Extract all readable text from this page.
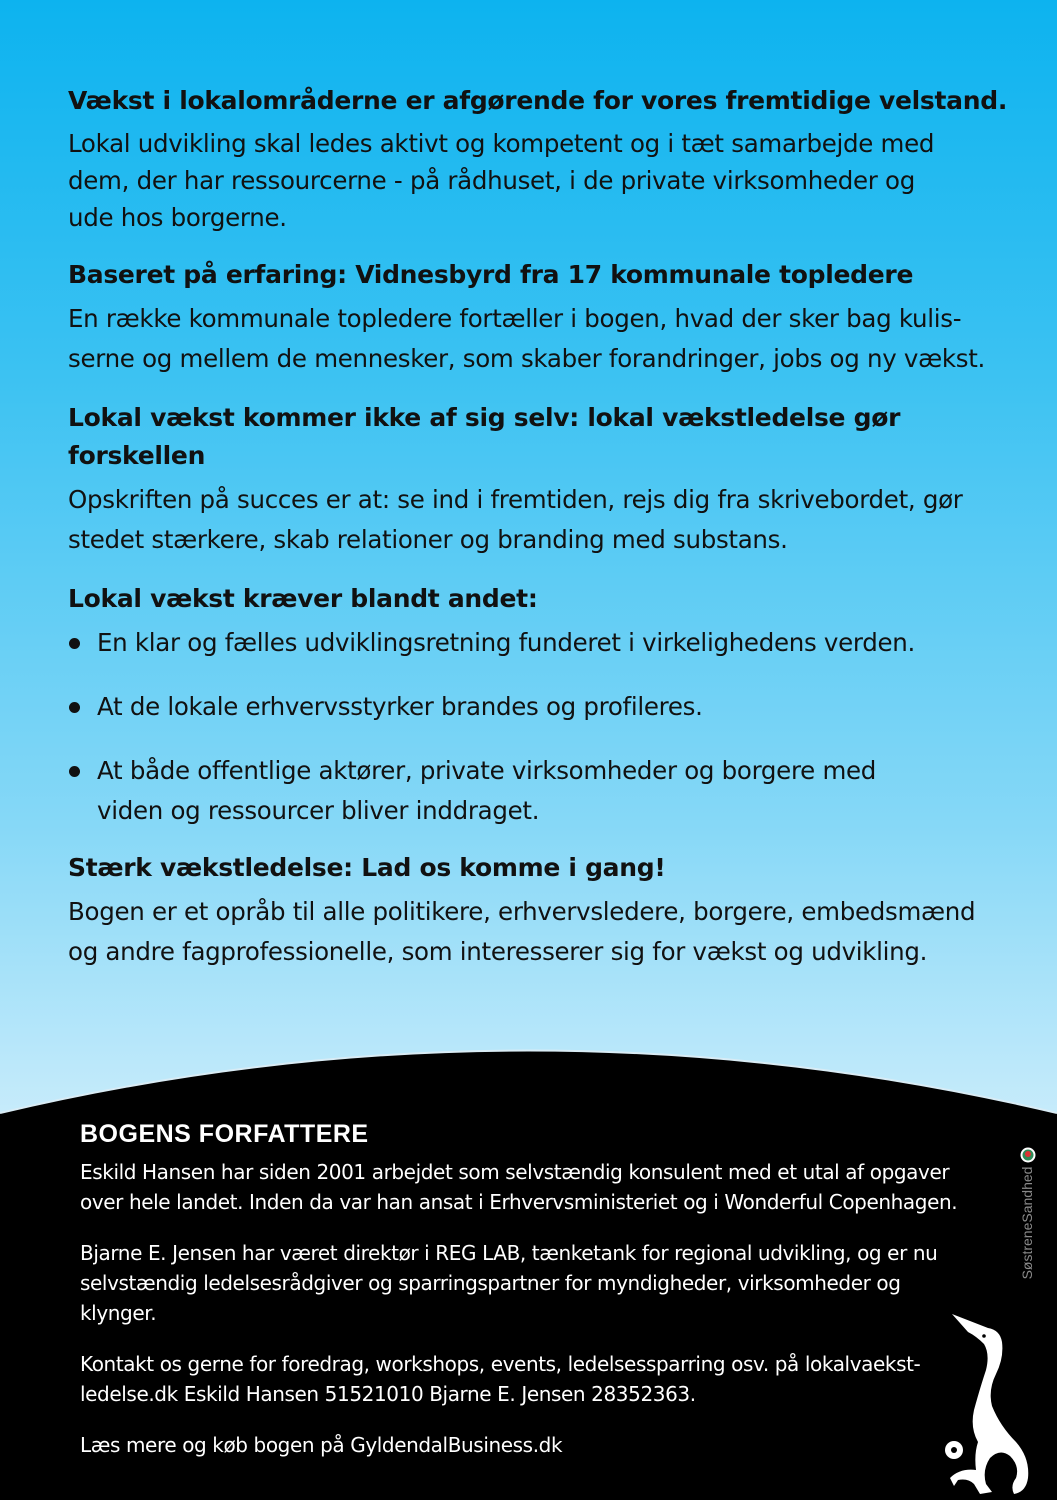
Vækst i lokalområderne er afgørende for vores fremtidige velstand.

Lokal udvikling skal ledes aktivt og kompetent og i tæt samarbejde med
dem, der har ressourcerne - på rådhuset, i de private virksomheder og
ude hos borgerne.

Baseret på erfaring: Vidnesbyrd fra 17 kommunale topledere

En række kommunale topledere fortæller i bogen, hvad der sker bag kulis-
serne og mellem de mennesker, som skaber forandringer, jobs og ny vækst.

Lokal vækst kommer ikke af sig selv: lokal vækstledelse gør forskellen

Opskriften på succes er at: se ind i fremtiden, rejs dig fra skrivebordet, gør
stedet stærkere, skab relationer og branding med substans.

Lokal vækst kræver blandt andet:
En klar og fælles udviklingsretning funderet i virkelighedens verden.
At de lokale erhvervsstyrker brandes og profileres.
At både offentlige aktører, private virksomheder og borgere med
viden og ressourcer bliver inddraget.
Stærk vækstledelse: Lad os komme i gang!

Bogen er et opråb til alle politikere, erhvervsledere, borgere, embedsmænd
og andre fagprofessionelle, som interesserer sig for vækst og udvikling.

BOGENS FORFATTERE

Eskild Hansen har siden 2001 arbejdet som selvstændig konsulent med et utal af opgaver
over hele landet. Inden da var han ansat i Erhvervsministeriet og i Wonderful Copenhagen.

Bjarne E. Jensen har været direktør i REG LAB, tænketank for regional udvikling, og er nu
selvstændig ledelsesrådgiver og sparringspartner for myndigheder, virksomheder og
klynger.

Kontakt os gerne for foredrag, workshops, events, ledelsessparring osv. på lokalvaekst-
ledelse.dk Eskild Hansen 51521010 Bjarne E. Jensen 28352363.

Læs mere og køb bogen på GyldendalBusiness.dk

SøstreneSandhed
